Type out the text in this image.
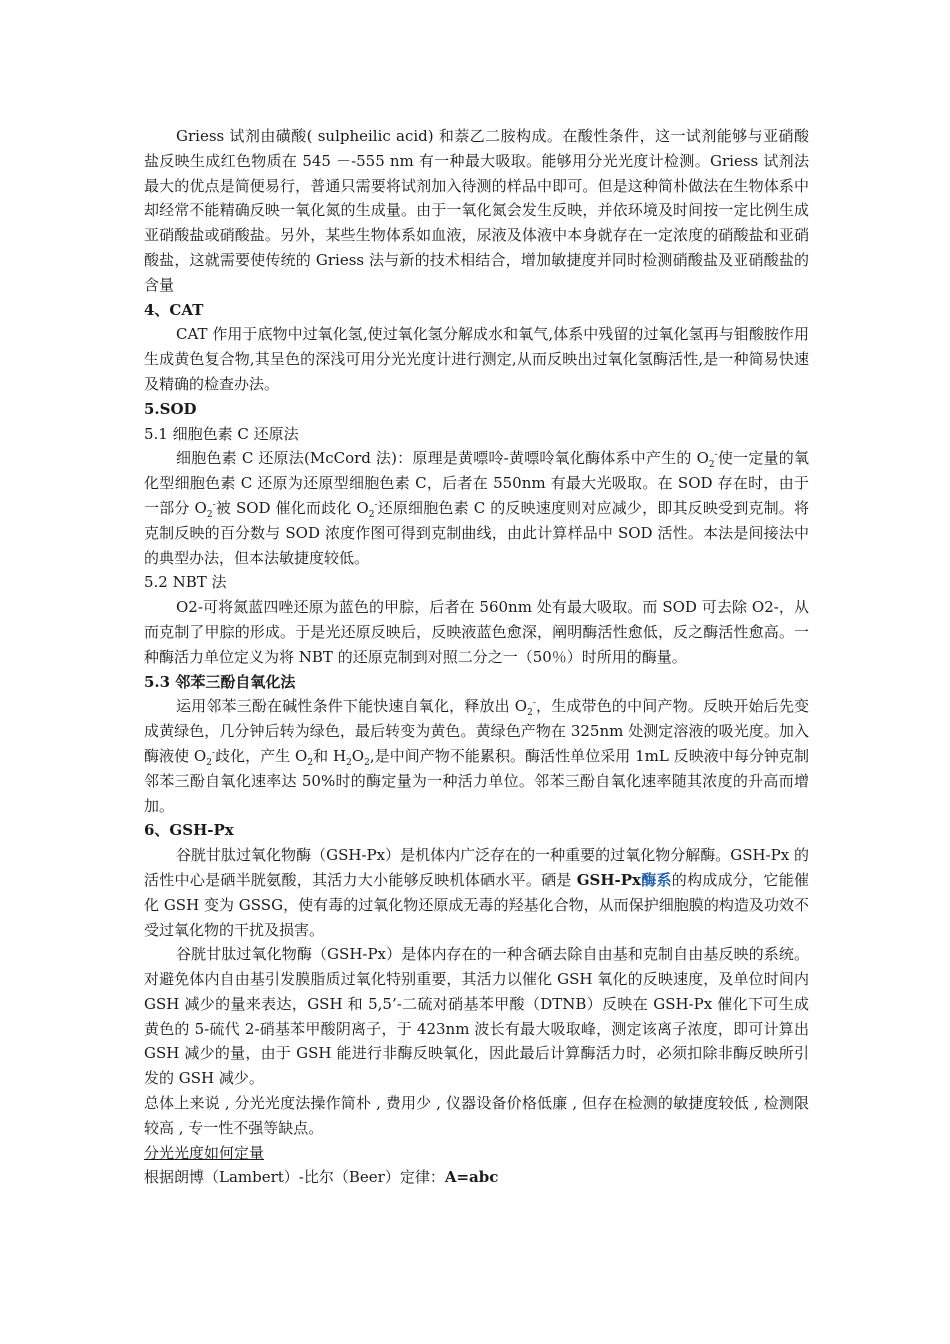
Griess 试剂由磺酸( sulpheilic acid) 和萘乙二胺构成。在酸性条件，这一试剂能够与亚硝酸盐反映生成红色物质在 545 －-555 nm 有一种最大吸取。能够用分光光度计检测。Griess 试剂法最大的优点是简便易行，普通只需要将试剂加入待测的样品中即可。但是这种简朴做法在生物体系中却经常不能精确反映一氧化氮的生成量。由于一氧化氮会发生反映，并依环境及时间按一定比例生成亚硝酸盐或硝酸盐。另外，某些生物体系如血液，尿液及体液中本身就存在一定浓度的硝酸盐和亚硝酸盐，这就需要使传统的 Griess 法与新的技术相结合，增加敏捷度并同时检测硝酸盐及亚硝酸盐的含量

4、CAT

CAT 作用于底物中过氧化氢,使过氧化氢分解成水和氧气,体系中残留的过氧化氢再与钼酸胺作用生成黄色复合物,其呈色的深浅可用分光光度计进行测定,从而反映出过氧化氢酶活性,是一种简易快速及精确的检查办法。

5.SOD

5.1 细胞色素 C 还原法

细胞色素 C 还原法(McCord 法)：原理是黄嘌呤-黄嘌呤氧化酶体系中产生的 $O_2^-$使一定量的氧化型细胞色素 C 还原为还原型细胞色素 C，后者在 550nm 有最大光吸取。在 SOD 存在时，由于一部分 $O_2^-$被 SOD 催化而歧化 $O_2^-$还原细胞色素 C 的反映速度则对应减少，即其反映受到克制。将克制反映的百分数与 SOD 浓度作图可得到克制曲线，由此计算样品中 SOD 活性。本法是间接法中的典型办法，但本法敏捷度较低。

5.2 NBT 法

O2-可将氮蓝四唑还原为蓝色的甲腙，后者在 560nm 处有最大吸取。而 SOD 可去除 O2-，从而克制了甲腙的形成。于是光还原反映后，反映液蓝色愈深，阐明酶活性愈低，反之酶活性愈高。一种酶活力单位定义为将 NBT 的还原克制到对照二分之一（50％）时所用的酶量。

5.3 邻苯三酚自氧化法

运用邻苯三酚在碱性条件下能快速自氧化，释放出 $O_2^-$，生成带色的中间产物。反映开始后先变成黄绿色，几分钟后转为绿色，最后转变为黄色。黄绿色产物在 325nm 处测定溶液的吸光度。加入酶液使 $O_2^-$歧化，产生 $O_2$和 $H_2O_2$,是中间产物不能累积。酶活性单位采用 1mL 反映液中每分钟克制邻苯三酚自氧化速率达 50%时的酶定量为一种活力单位。邻苯三酚自氧化速率随其浓度的升高而增加。

6、GSH-Px

谷胱甘肽过氧化物酶（GSH-Px）是机体内广泛存在的一种重要的过氧化物分解酶。GSH-Px 的活性中心是硒半胱氨酸，其活力大小能够反映机体硒水平。硒是 GSH-Px酶系的构成成分，它能催化 GSH 变为 GSSG，使有毒的过氧化物还原成无毒的羟基化合物，从而保护细胞膜的构造及功效不受过氧化物的干扰及损害。

谷胱甘肽过氧化物酶（GSH-Px）是体内存在的一种含硒去除自由基和克制自由基反映的系统。对避免体内自由基引发膜脂质过氧化特别重要，其活力以催化 GSH 氧化的反映速度，及单位时间内 GSH 减少的量来表达，GSH 和 5,5’-二硫对硝基苯甲酸（DTNB）反映在 GSH-Px 催化下可生成黄色的 5-硫代 2-硝基苯甲酸阴离子，于 423nm 波长有最大吸取峰，测定该离子浓度，即可计算出 GSH 减少的量，由于 GSH 能进行非酶反映氧化，因此最后计算酶活力时，必须扣除非酶反映所引发的 GSH 减少。

总体上来说 , 分光光度法操作简朴 , 费用少 , 仪器设备价格低廉 , 但存在检测的敏捷度较低 , 检测限较高 , 专一性不强等缺点。

分光光度如何定量

根据朗博（Lambert）-比尔（Beer）定律：A=abc
